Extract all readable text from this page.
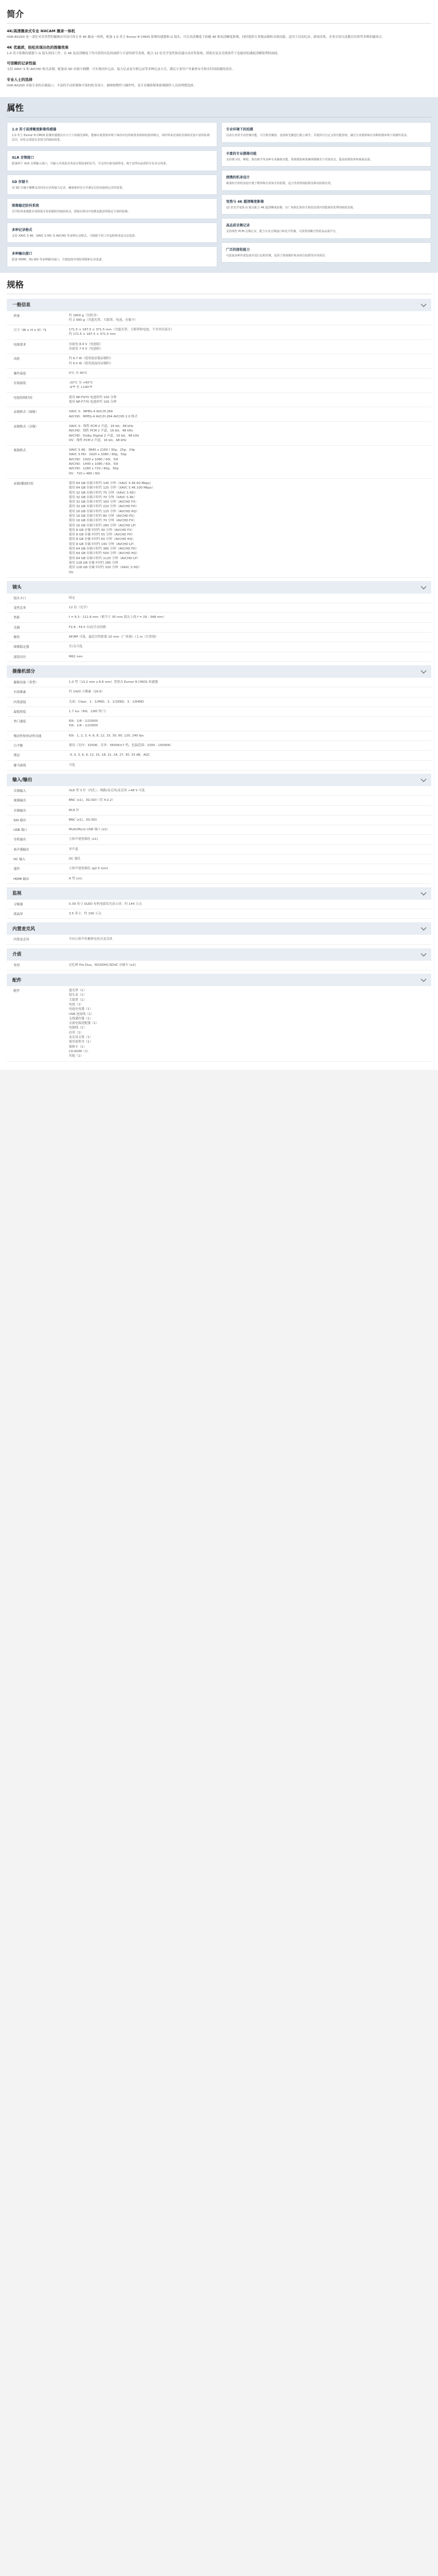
简介
4K/高清摄录式专业 NXCAM 摄录一体机

HXR-NX200 是一款针对各类型的摄像应用设计的专业 4K 摄录一体机，配备 1.0 英寸 Exmor R CMOS 影像传感器和 G 镜头，可在高清晰度下拍摄 4K 和高清晰度影像，同时提供专业级录制和音频功能。适用于活动纪录、新闻采集、企业宣传以及教育培训等多种拍摄场合。

4K 优画质，轻松实现出色的图像效果

1.0 英寸影像传感器与 G 镜头协同工作，在 4K 及高清晰度下均可获得出色的画质与丰富的细节表现，配合 12 倍光学变焦和高速自动对焦系统，即使在复杂光线条件下也能轻松捕捉清晰锐利的画面。

可信赖的记录性能

支持 XAVC S 和 AVCHD 格式录制，配备双 SD 存储卡插槽，可实现同步记录、接力记录及分格记录等多种记录方式，满足专业用户对素材安全和长时间拍摄的需求。

专业人士的选择

HXR-NX200 具备专业的音频接口、丰富的手动控制和可靠的机身设计，兼顾便携性与操作性，是专业摄影师和影像制作人员的理想选择。

属性
1.0 英寸高清晰度影像传感器

1.0 英寸 Exmor R CMOS 影像传感器具有大尺寸的感光面积，能够在低照度环境下保持出色的画质表现和较低的噪点，同时带来更浅的景深和更加丰富的影调层次，轻松呈现富有表现力的画面效果。

XLR 音频接口

配备两个 XLR 音频输入接口，可输入外部麦克风或音频设备的信号，并支持幻象电源供电，便于获得高品质的专业录音效果。

SD 存储卡

双 SD 存储卡插槽支持同步记录和接力记录，确保素材安全并满足长时间连续记录的需要。

图像稳定防抖系统

光学防抖系统能有效降低手持拍摄时的画面抖动，即使在移动中拍摄也能获得稳定平滑的影像。

多种记录格式

支持 XAVC S 4K、XAVC S HD 及 AVCHD 等多种记录格式，可根据不同工作流程和用途灵活选择。

多种输出接口

配备 HDMI、3G-SDI 等多种输出接口，方便连接外部监视器和记录设备。

专业环境下的拍摄

具备专业的手动控制功能，可分别对聚焦、变焦和光圈进行独立调节，并提供可自定义的功能按钮，满足专业摄影师在各种拍摄环境下的操作需求。

丰富的专业摄像功能

支持斑马纹、峰值、肤色细节等多种专业辅助功能，帮助摄影师准确掌握曝光与对焦状态，提高拍摄效率和画面品质。

便携的机身设计

紧凑轻巧的机身设计便于携带和长时间手持拍摄，适合各类现场拍摄及移动拍摄应用。

变焦与 4K 超清晰度影像

12 倍光学变焦 G 镜头配合 4K 超清晰度影像，在广角到长焦的全焦段范围内均能保持优秀的画质表现。

高品质音频记录

支持线性 PCM 音频记录，配合专业音频接口和电平控制，可获得清晰自然的高品质声音。

广泛的接收能力

可连接多种外部设备并进行远程控制，适用于现场制作和多机位拍摄等应用场景。

规格
一般信息
质量	约 1800 g（仅机身）
约 2 090 g（含遮光罩、大眼罩、电池、存储卡）
尺寸（W × H × D）*1	171.5 × 187.5 × 371.5 mm（含遮光罩、大眼罩和电池，不含突出部分）
约 171.5 × 187.5 × 371.5 mm
电源要求	直流电 8.4 V（电池组）
直流电 7.4 V（电池组）
功耗	约 6.7 W（使用取景器录制时）
约 6.5 W（使用液晶屏录制时）
操作温度	0°C 至 40°C
存放温度	-20°C 至 +60°C
-4°F 至 +140°F
电池持续时间	使用 NP-F970 电池时约 150 分钟
使用 NP-F770 电池时约 100 分钟
录制格式（视频）	XAVC S：MPEG-4 AVC/H.264
AVCHD：MPEG-4 AVC/H.264 AVCHD 2.0 格式
录制格式（音频）	XAVC S：线性 PCM 2 声道，16 bit，48 kHz
AVCHD：线性 PCM 2 声道，16 bit，48 kHz
AVCHD：Dolby Digital 2 声道，16 bit，48 kHz
DV：线性 PCM 2 声道，16 bit，48 kHz
视频格式	XAVC S 4K：3840 x 2160 / 30p，25p，24p
XAVC S HD：1920 x 1080 / 60p，50p
AVCHD：1920 x 1080 / 60i，50i
AVCHD：1440 x 1080 / 60i，50i
AVCHD：1280 x 720 / 60p，50p
DV：720 x 480 / 60i
录制/播放时间	使用 64 GB 存储卡时约 145 分钟（XAVC S 4K 60 Mbps）
使用 64 GB 存储卡时约 125 分钟（XAVC S 4K 100 Mbps）
使用 32 GB 存储卡时约 75 分钟（XAVC S HD）
使用 32 GB 存储卡时约 70 分钟（XAVC S 4K）
使用 32 GB 存储卡时约 160 分钟（AVCHD FX）
使用 32 GB 存储卡时约 220 分钟（AVCHD FH）
使用 16 GB 存储卡时约 125 分钟（AVCHD HQ）
使用 16 GB 存储卡时约 80 分钟（AVCHD PS）
使用 16 GB 存储卡时约 70 分钟（AVCHD FX）
使用 16 GB 存储卡时约 280 分钟（AVCHD LP）
使用 8 GB 存储卡时约 40 分钟（AVCHD FX）
使用 8 GB 存储卡时约 55 分钟（AVCHD FH）
使用 8 GB 存储卡时约 60 分钟（AVCHD HQ）
使用 8 GB 存储卡时约 140 分钟（AVCHD LP）
使用 64 GB 存储卡时约 380 分钟（AVCHD FH）
使用 64 GB 存储卡时约 500 分钟（AVCHD HQ）
使用 64 GB 存储卡时约 1120 分钟（AVCHD LP）
使用 128 GB 存储卡时约 280 分钟
使用 128 GB 存储卡时约 320 分钟（XAVC S HD）
DV
镜头
镜头卡口	固定
变焦比率	12 倍（光学）
焦距	f = 9.3 - 111.6 mm（相当于 35 mm 镜头上的 f = 29 - 348 mm）
光圈	F2.8 - F4.5 自动/手动切换
聚焦	AF/MF 可选，最近对焦距离 10 mm（广角端）/ 1 m（长焦端）
图像稳定器	开/关可选
滤镜直径	M62 mm
摄像机部分
摄像设备（类型）	1.0 型（13.2 mm x 8.8 mm）背照式 Exmor R CMOS 传感器
有效像素	约 1420 万像素（16:9）
内置滤镜	关闭：Clear，1：1/4ND，2：1/16ND，3：1/64ND
最低照度	1.7 lux（60i，1/60 快门）
快门速度	60i：1/8 - 1/10000
50i：1/6 - 1/10000
慢动作和快动作功能	60i：1, 2, 3, 4, 6, 8, 12, 15, 30, 60, 120, 240 fps
白平衡	预设（室内：3200K，室外：5600K±7 档，色温范围：2300 - 15000K）
增益	-3, 0, 3, 6, 9, 12, 15, 18, 21, 24, 27, 30, 33 dB，AGC
伽马曲线	可选
输入/输出
音频输入	XLR 型 3 针（内孔），线路/麦克风/麦克风 +48 V 可选
视频输出	BNC (x1)，3G-SDI（仅 4:2:2）
音频输出	RCA 针
SDI 输出	BNC (x1)，3G-SDI
USB 端口	Multi/Micro USB 端口 (x1)
耳机输出	立体声迷你插孔 (x1)
扬声器输出	单声道
DC 输入	DC 插孔
遥控	立体声迷你插孔 (φ2.5 mm)
HDMI 输出	A 型 (x1)
监视
寻像器	0.39 英寸 OLED 有机电致发光显示屏，约 144 万点
液晶屏	3.5 英寸，约 156 万点
内置麦克风
内置麦克风	全向立体声驻极体电容式麦克风
介质
类型	记忆棒 Pro Duo，SD/SDHC/SDXC 存储卡 (x2)
配件
配件	遮光罩（1）
镜头盖（1）
大眼罩（1）
电池（1）
电池充电器（1）
USB 连接线（1）
无线遥控器（1）
交流电源适配器（1）
电源线（1）
肩带（1）
麦克风支架（1）
使用说明书（1）
保修卡（1）
CD-ROM（1）
其他（1）
